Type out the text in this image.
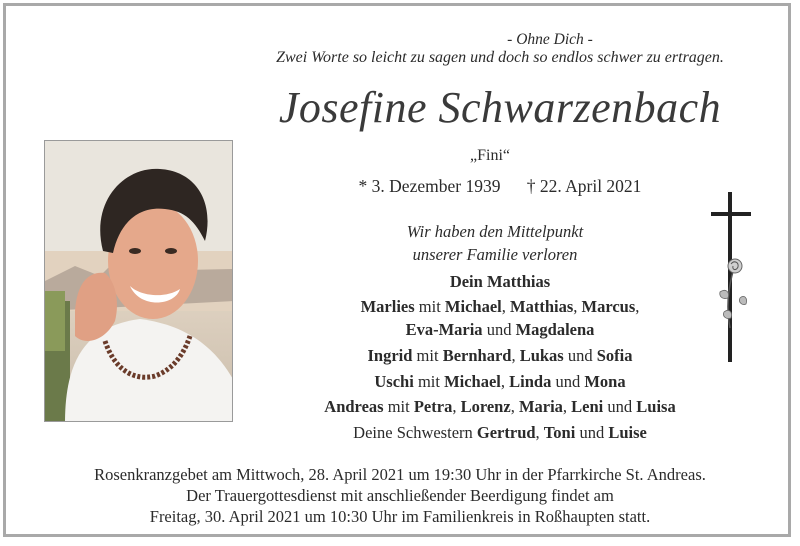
- Ohne Dich -
Zwei Worte so leicht zu sagen und doch so endlos schwer zu ertragen.
Josefine Schwarzenbach
„Fini“
* 3. Dezember 1939 † 22. April 2021
Wir haben den Mittelpunkt
unserer Familie verloren
Dein Matthias
Marlies mit Michael, Matthias, Marcus,
Eva-Maria und Magdalena
Ingrid mit Bernhard, Lukas und Sofia
Uschi mit Michael, Linda und Mona
Andreas mit Petra, Lorenz, Maria, Leni und Luisa
Deine Schwestern Gertrud, Toni und Luise
Rosenkranzgebet am Mittwoch, 28. April 2021 um 19:30 Uhr in der Pfarrkirche St. Andreas.
Der Trauergottesdienst mit anschließender Beerdigung findet am
Freitag, 30. April 2021 um 10:30 Uhr im Familienkreis in Roßhaupten statt.
